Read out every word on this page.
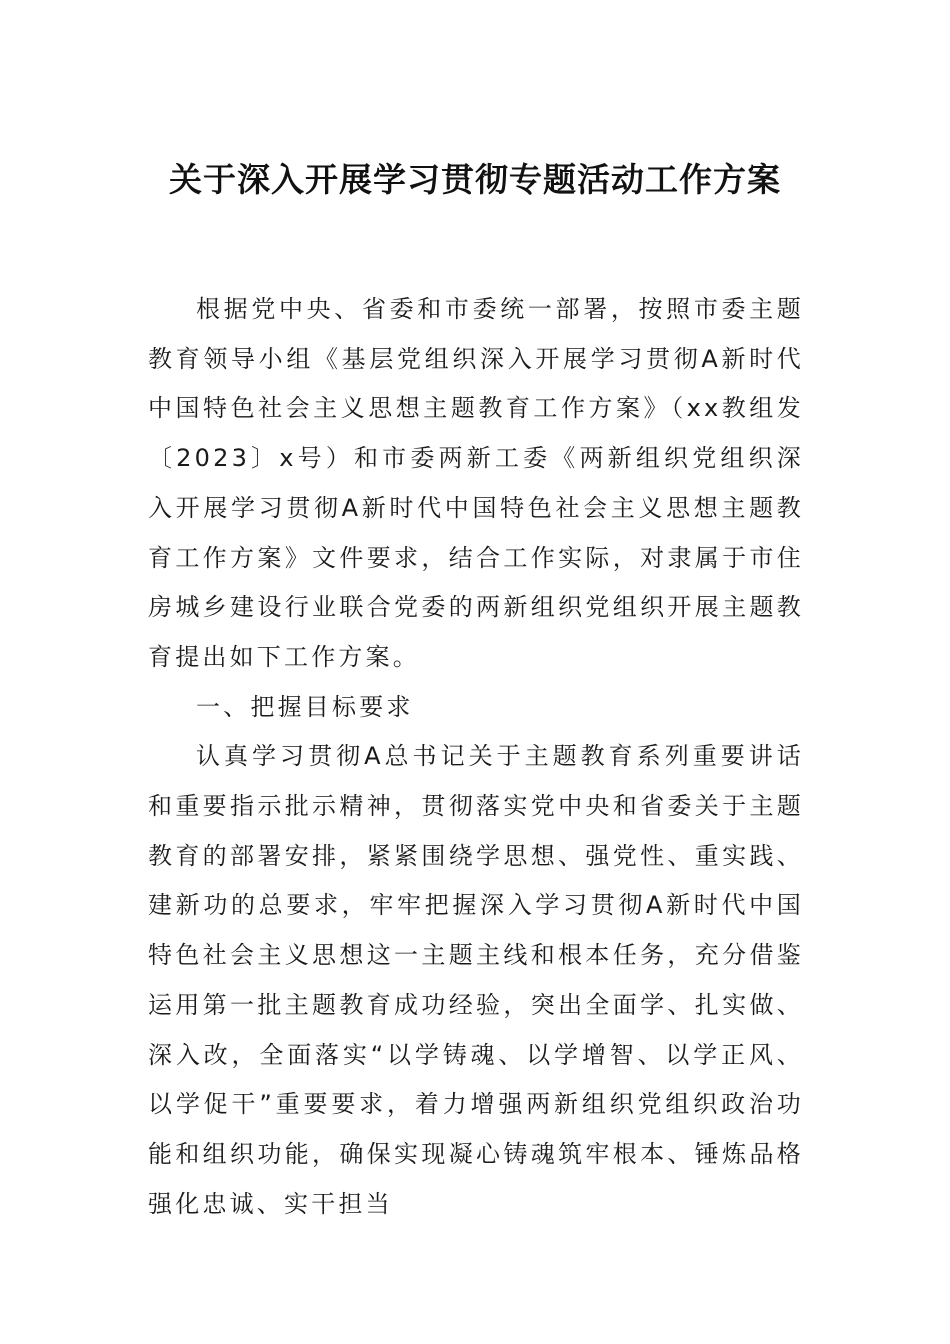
关于深入开展学习贯彻专题活动工作方案

根据党中央、省委和市委统一部署，按照市委主题教育领导小组《基层党组织深入开展学习贯彻A新时代中国特色社会主义思想主题教育工作方案》（xx教组发〔2023〕x号）和市委两新工委《两新组织党组织深入开展学习贯彻A新时代中国特色社会主义思想主题教育工作方案》文件要求，结合工作实际，对隶属于市住房城乡建设行业联合党委的两新组织党组织开展主题教育提出如下工作方案。

一、把握目标要求

认真学习贯彻A总书记关于主题教育系列重要讲话和重要指示批示精神，贯彻落实党中央和省委关于主题教育的部署安排，紧紧围绕学思想、强党性、重实践、建新功的总要求，牢牢把握深入学习贯彻A新时代中国特色社会主义思想这一主题主线和根本任务，充分借鉴运用第一批主题教育成功经验，突出全面学、扎实做、深入改，全面落实“以学铸魂、以学增智、以学正风、以学促干”重要要求，着力增强两新组织党组织政治功能和组织功能，确保实现凝心铸魂筑牢根本、锤炼品格强化忠诚、实干担当
